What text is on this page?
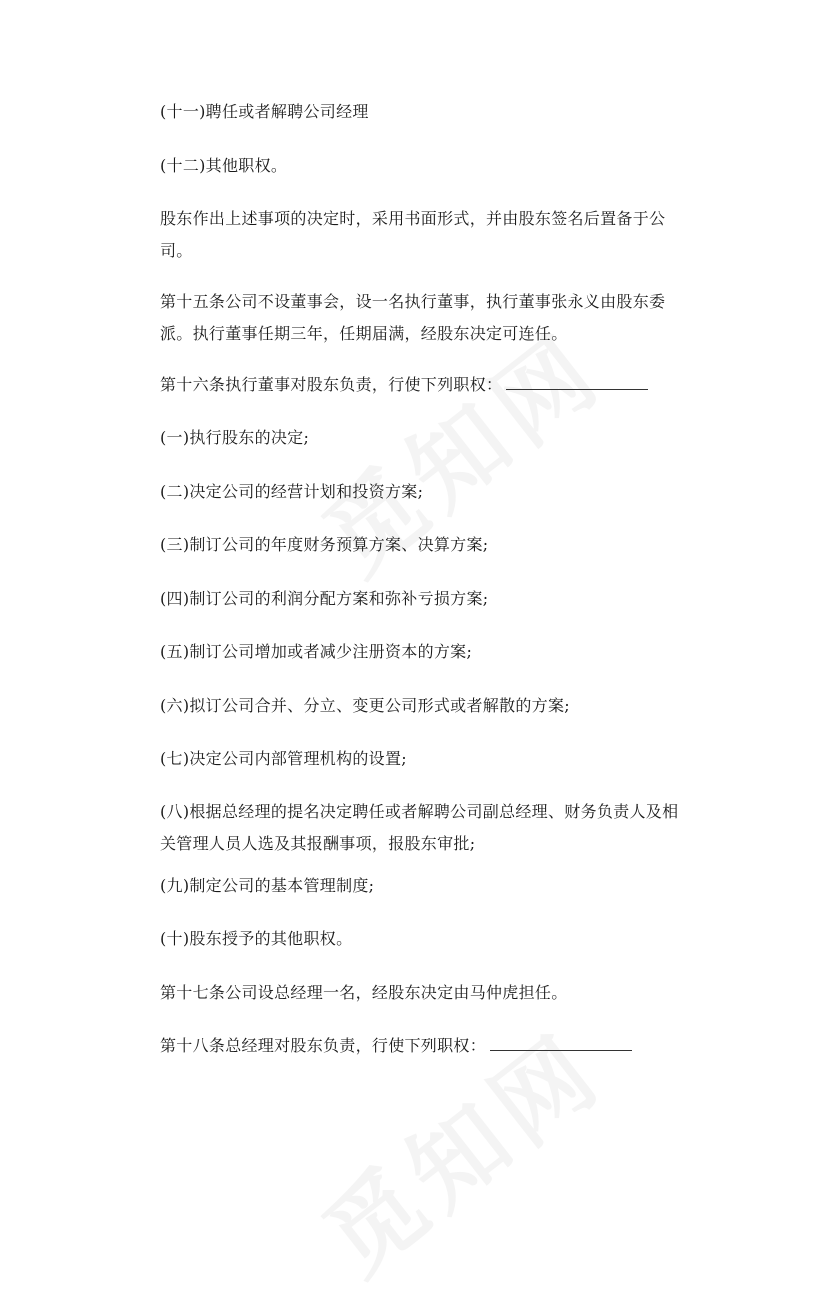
(十一)聘任或者解聘公司经理

(十二)其他职权。

股东作出上述事项的决定时，采用书面形式，并由股东签名后置备于公司。

第十五条公司不设董事会，设一名执行董事，执行董事张永义由股东委派。执行董事任期三年，任期届满，经股东决定可连任。

第十六条执行董事对股东负责，行使下列职权：

(一)执行股东的决定;

(二)决定公司的经营计划和投资方案;

(三)制订公司的年度财务预算方案、决算方案;

(四)制订公司的利润分配方案和弥补亏损方案;

(五)制订公司增加或者减少注册资本的方案;

(六)拟订公司合并、分立、变更公司形式或者解散的方案;

(七)决定公司内部管理机构的设置;

(八)根据总经理的提名决定聘任或者解聘公司副总经理、财务负责人及相关管理人员人选及其报酬事项，报股东审批;

(九)制定公司的基本管理制度;

(十)股东授予的其他职权。

第十七条公司设总经理一名，经股东决定由马仲虎担任。

第十八条总经理对股东负责，行使下列职权：
